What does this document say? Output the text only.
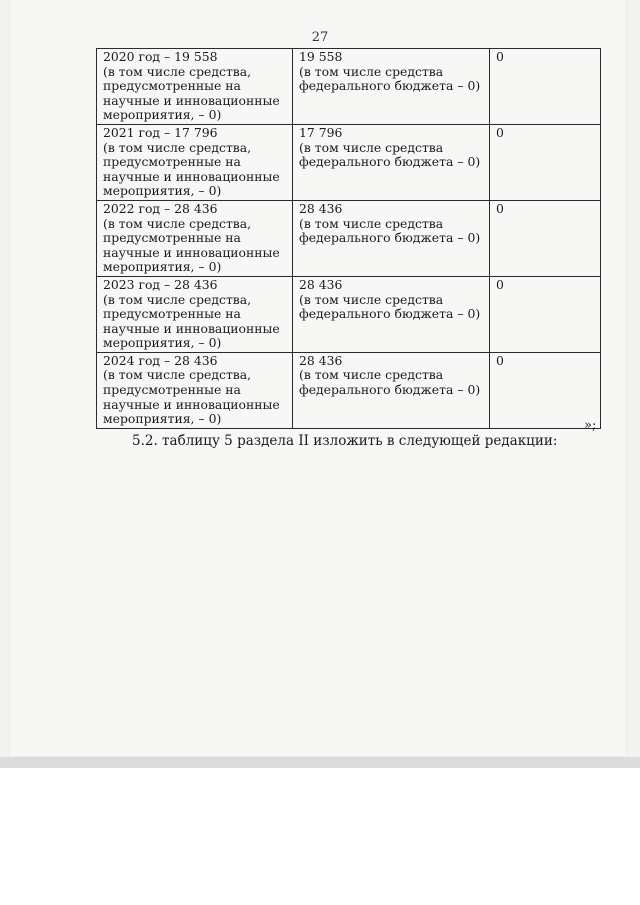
27
2020 год – 19 558
(в том числе средства,
предусмотренные на
научные и инновационные
мероприятия, – 0)	19 558
(в том числе средства
федерального бюджета – 0)	0
2021 год – 17 796
(в том числе средства,
предусмотренные на
научные и инновационные
мероприятия, – 0)	17 796
(в том числе средства
федерального бюджета – 0)	0
2022 год – 28 436
(в том числе средства,
предусмотренные на
научные и инновационные
мероприятия, – 0)	28 436
(в том числе средства
федерального бюджета – 0)	0
2023 год – 28 436
(в том числе средства,
предусмотренные на
научные и инновационные
мероприятия, – 0)	28 436
(в том числе средства
федерального бюджета – 0)	0
2024 год – 28 436
(в том числе средства,
предусмотренные на
научные и инновационные
мероприятия, – 0)	28 436
(в том числе средства
федерального бюджета – 0)	0
»;
5.2. таблицу 5 раздела II изложить в следующей редакции:
